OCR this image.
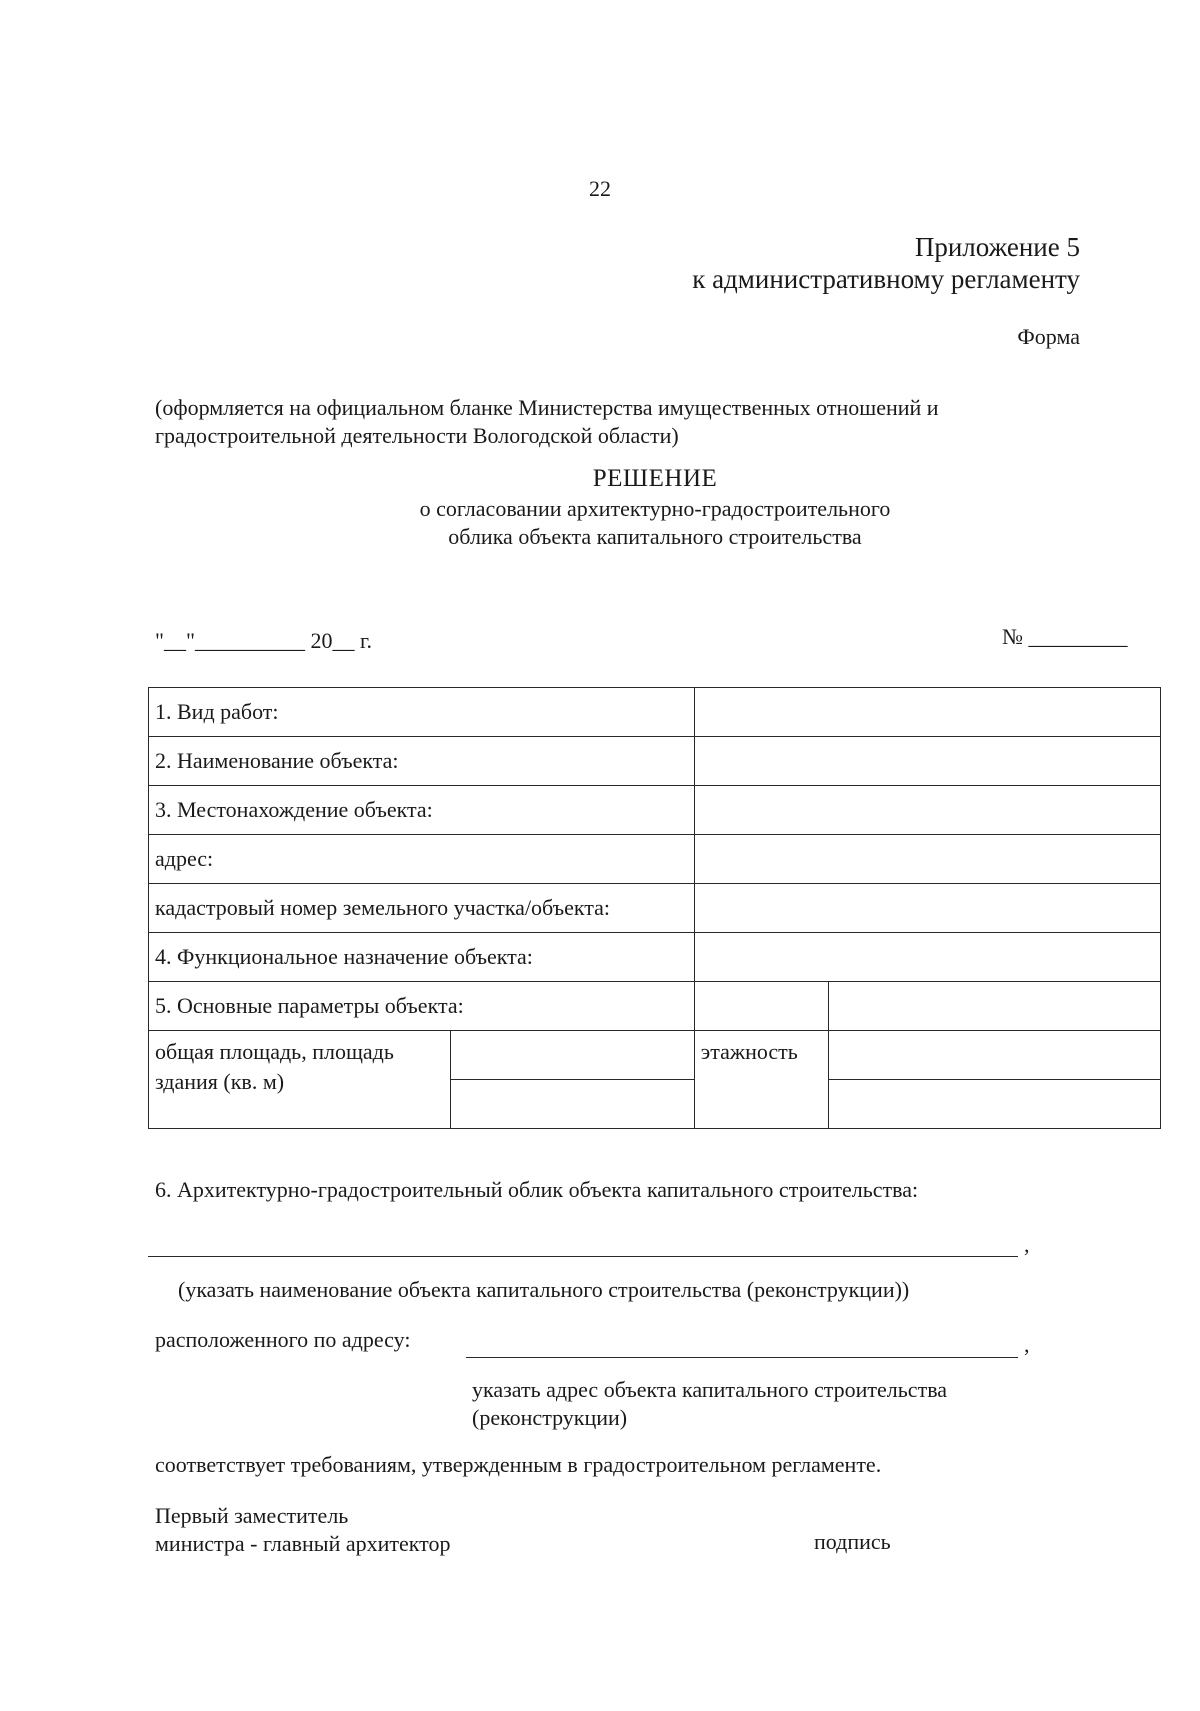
22
Приложение 5
к административному регламенту
Форма
(оформляется на официальном бланке Министерства имущественных отношений и
градостроительной деятельности Вологодской области)
РЕШЕНИЕ
о согласовании архитектурно-градостроительного
облика объекта капитального строительства
"__"__________ 20__ г.	№ _________
1. Вид работ:			
2. Наименование объекта:			
3. Местонахождение объекта:			
адрес:			
кадастровый номер земельного участка/объекта:			
4. Функциональное назначение объекта:			
5. Основные параметры объекта:			
общая площадь, площадь здания (кв. м)		этажность	

6. Архитектурно-градостроительный облик объекта капитального строительства:
,
(указать наименование объекта капитального строительства (реконструкции))
расположенного по адресу:	,
указать адрес объекта капитального строительства
(реконструкции)
соответствует требованиям, утвержденным в градостроительном регламенте.
Первый заместитель
министра - главный архитектор	подпись
